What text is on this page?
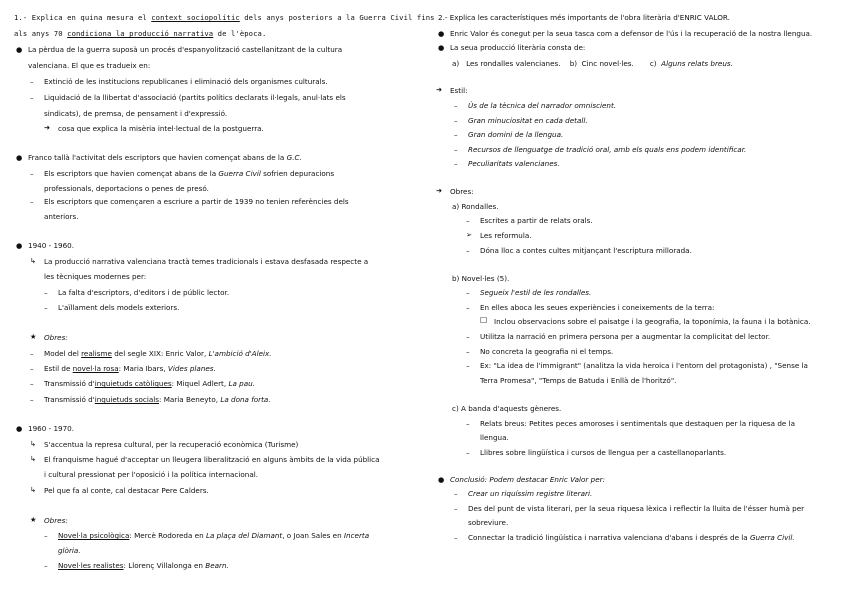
1.- Explica en quina mesura el context sociopolític dels anys posteriors a la Guerra Civil fins
als anys 70 condiciona la producció narrativa de l'època.
● La pèrdua de la guerra suposà un procés d'espanyolització castellanitzant de la cultura
valenciana. El que es tradueix en:
– Extinció de les institucions republicanes i eliminació dels organismes culturals.
– Liquidació de la llibertat d'associació (partits polítics declarats il·legals, anul·lats els
sindicats), de premsa, de pensament i d'expressió.
➜ cosa que explica la misèria intel·lectual de la postguerra.
● Franco tallà l'activitat dels escriptors que havien començat abans de la G.C.
– Els escriptors que havien començat abans de la Guerra Civil sofrien depuracions
professionals, deportacions o penes de presó.
– Els escriptors que començaren a escriure a partir de 1939 no tenien referències dels
anteriors.
● 1940 - 1960.
↳ La producció narrativa valenciana tractà temes tradicionals i estava desfasada respecte a
les tècniques modernes per:
– La falta d'escriptors, d'editors i de públic lector.
– L'aïllament dels models exteriors.
★ Obres:
– Model del realisme del segle XIX: Enric Valor, L'ambició d'Aleix.
– Estil de novel·la rosa: Maria Ibars, Vides planes.
– Transmissió d'inquietuds catòliques: Miquel Adlert, La pau.
– Transmissió d'inquietuds socials: Maria Beneyto, La dona forta.
● 1960 - 1970.
↳ S'accentua la represa cultural, per la recuperació econòmica (Turisme)
↳ El franquisme hagué d'acceptar un lleugera liberalització en alguns àmbits de la vida pública
i cultural pressionat per l'oposició i la política internacional.
↳ Pel que fa al conte, cal destacar Pere Calders.
★ Obres:
– Novel·la psicològica: Mercè Rodoreda en La plaça del Diamant, o Joan Sales en Incerta
glòria.
– Novel·les realistes: Llorenç Villalonga en Bearn.
2.- Explica les característiques més importants de l'obra literària d'ENRIC VALOR.
● Enric Valor és conegut per la seua tasca com a defensor de l'ús i la recuperació de la nostra llengua.
● La seua producció literària consta de:
a) Les rondalles valencianes. b) Cinc novel·les. c) Alguns relats breus.
➜ Estil:
– Ús de la tècnica del narrador omniscient.
– Gran minuciositat en cada detall.
– Gran domini de la llengua.
– Recursos de llenguatge de tradició oral, amb els quals ens podem identificar.
– Peculiaritats valencianes.
➜ Obres:
a) Rondalles.
– Escrites a partir de relats orals.
➢ Les reformula.
– Dóna lloc a contes cultes mitjançant l'escriptura millorada.
b) Novel·les (5).
– Segueix l'estil de les rondalles.
– En elles aboca les seues experiències i coneixements de la terra:
☐ Inclou observacions sobre el paisatge i la geografia, la toponímia, la fauna i la botànica.
– Utilitza la narració en primera persona per a augmentar la complicitat del lector.
– No concreta la geografia ni el temps.
– Ex: "La idea de l'immigrant" (analitza la vida heroica i l'entorn del protagonista) , "Sense la
Terra Promesa", "Temps de Batuda i Enllà de l'horitzó".
c) A banda d'aquests gèneres.
– Relats breus: Petites peces amoroses i sentimentals que destaquen per la riquesa de la
llengua.
– Llibres sobre lingüística i cursos de llengua per a castellanoparlants.
● Conclusió: Podem destacar Enric Valor per:
– Crear un riquíssim registre literari.
– Des del punt de vista literari, per la seua riquesa lèxica i reflectir la lluita de l'ésser humà per
sobreviure.
– Connectar la tradició lingüística i narrativa valenciana d'abans i després de la Guerra Civil.
